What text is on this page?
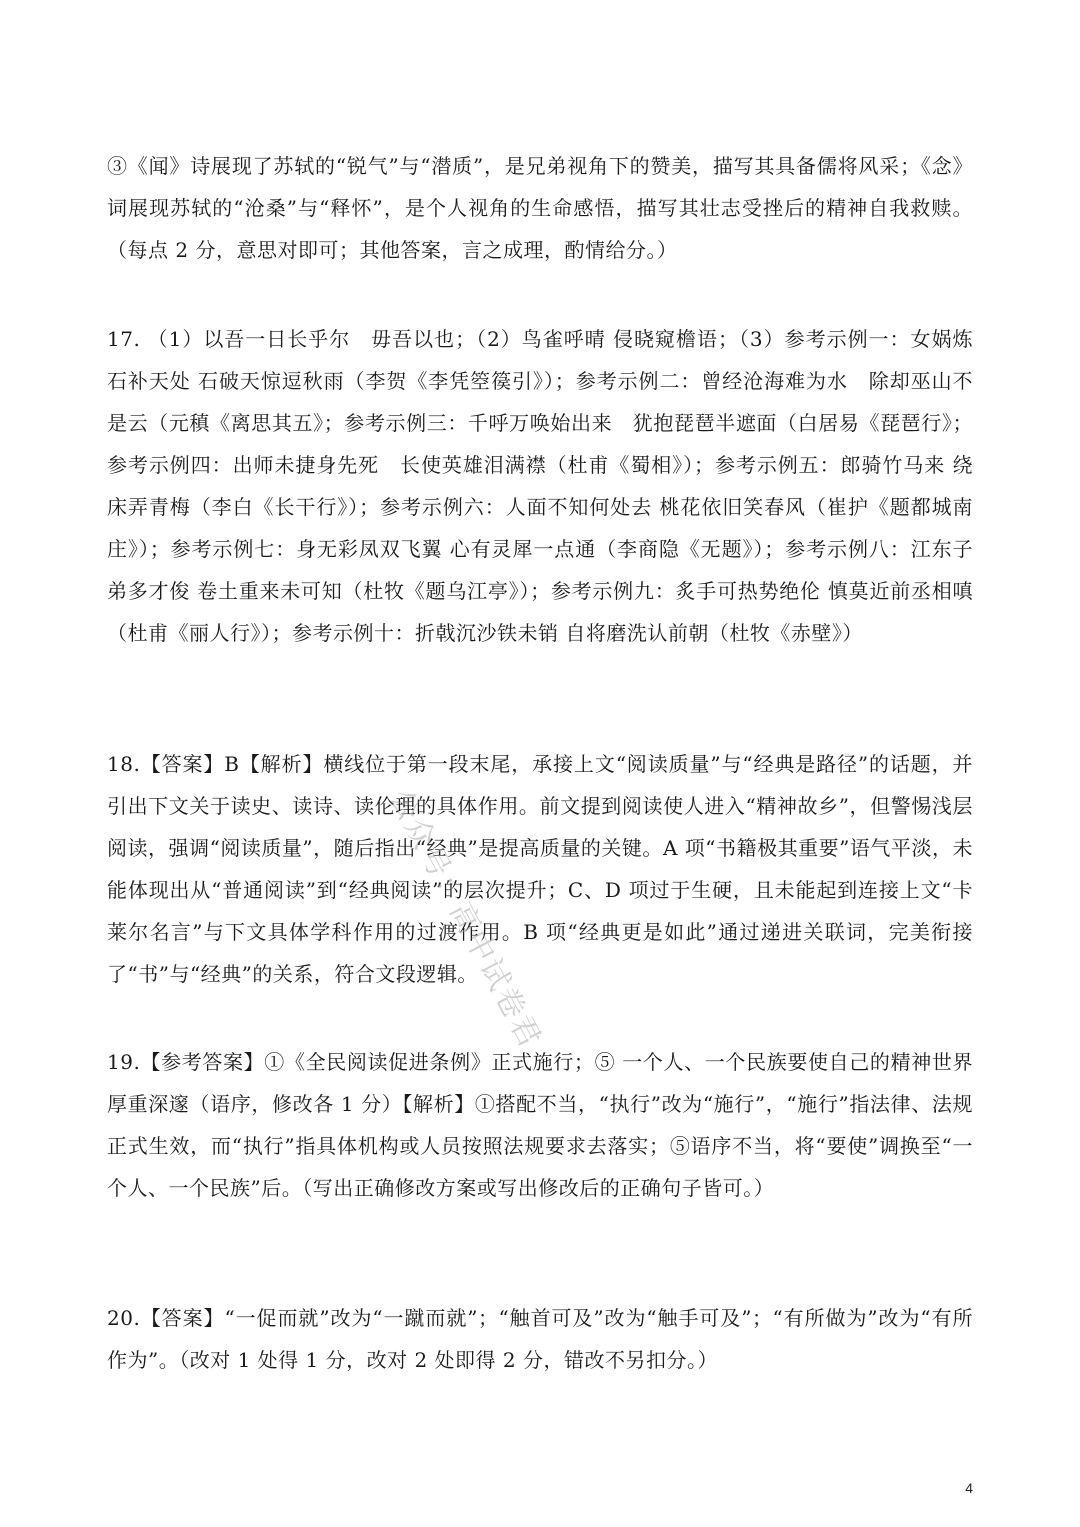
③《闻》诗展现了苏轼的“锐气”与“潜质”，是兄弟视角下的赞美，描写其具备儒将风采；《念》词展现苏轼的“沧桑”与“释怀”，是个人视角的生命感悟，描写其壮志受挫后的精神自我救赎。（每点 2 分，意思对即可；其他答案，言之成理，酌情给分。）

17. （1）以吾一日长乎尔　毋吾以也；（2）鸟雀呼晴 侵晓窥檐语；（3）参考示例一：女娲炼石补天处 石破天惊逗秋雨（李贺《李凭箜篌引》）；参考示例二：曾经沧海难为水　除却巫山不是云（元稹《离思其五》；参考示例三：千呼万唤始出来　犹抱琵琶半遮面（白居易《琵琶行》；参考示例四：出师未捷身先死　长使英雄泪满襟（杜甫《蜀相》）；参考示例五：郎骑竹马来 绕床弄青梅（李白《长干行》）；参考示例六：人面不知何处去 桃花依旧笑春风（崔护《题都城南庄》）；参考示例七：身无彩凤双飞翼 心有灵犀一点通（李商隐《无题》）；参考示例八：江东子弟多才俊 卷土重来未可知（杜牧《题乌江亭》）；参考示例九：炙手可热势绝伦 慎莫近前丞相嗔（杜甫《丽人行》）；参考示例十：折戟沉沙铁未销 自将磨洗认前朝（杜牧《赤壁》）

18.【答案】B【解析】横线位于第一段末尾，承接上文“阅读质量”与“经典是路径”的话题，并引出下文关于读史、读诗、读伦理的具体作用。前文提到阅读使人进入“精神故乡”，但警惕浅层阅读，强调“阅读质量”，随后指出“经典”是提高质量的关键。A 项“书籍极其重要”语气平淡，未能体现出从“普通阅读”到“经典阅读”的层次提升；C、D 项过于生硬，且未能起到连接上文“卡莱尔名言”与下文具体学科作用的过渡作用。B 项“经典更是如此”通过递进关联词，完美衔接了“书”与“经典”的关系，符合文段逻辑。

19.【参考答案】①《全民阅读促进条例》正式施行；⑤ 一个人、一个民族要使自己的精神世界厚重深邃（语序，修改各 1 分）【解析】①搭配不当，“执行”改为“施行”，“施行”指法律、法规正式生效，而“执行”指具体机构或人员按照法规要求去落实；⑤语序不当，将“要使”调换至“一个人、一个民族”后。（写出正确修改方案或写出修改后的正确句子皆可。）

20.【答案】“一促而就”改为“一蹴而就”；“触首可及”改为“触手可及”；“有所做为”改为“有所作为”。（改对 1 处得 1 分，改对 2 处即得 2 分，错改不另扣分。）

公众号：高中试卷君
4
